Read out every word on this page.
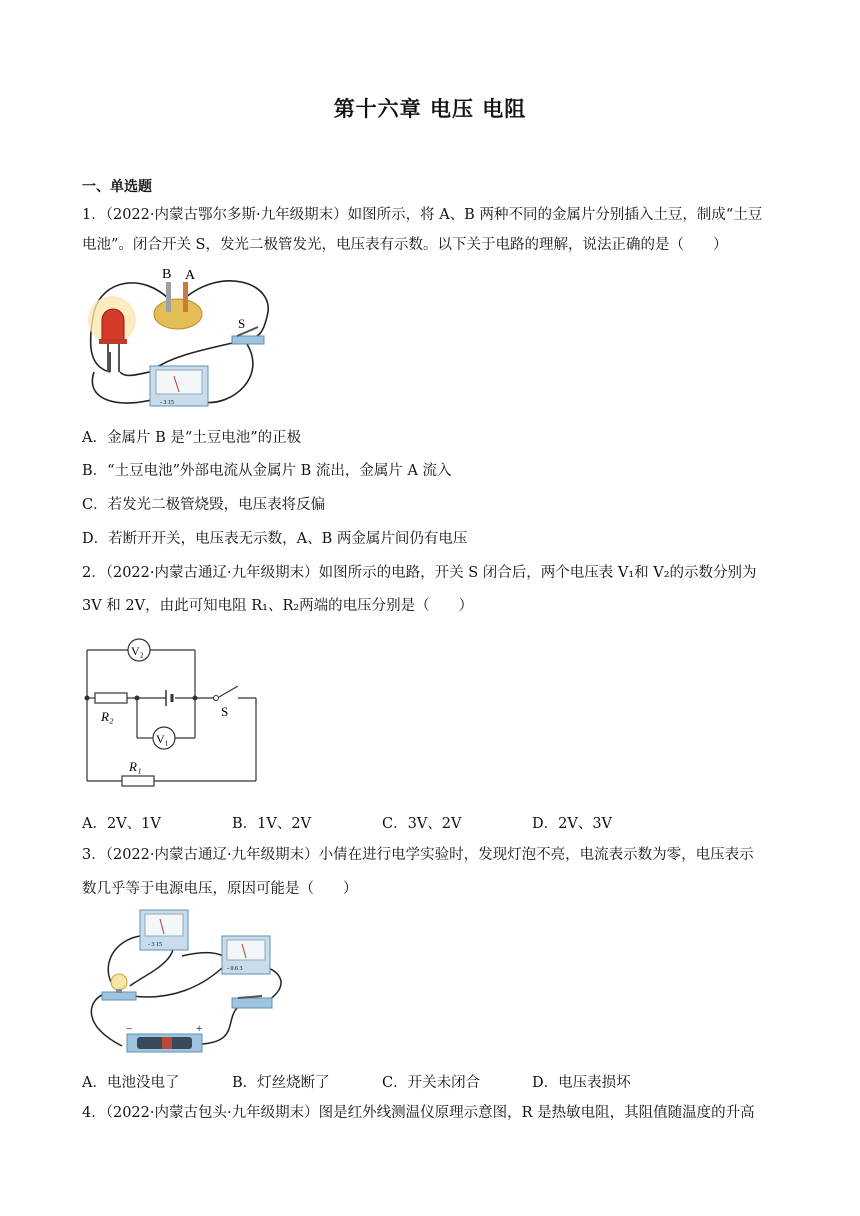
第十六章 电压 电阻
一、单选题
1．（2022·内蒙古鄂尔多斯·九年级期末）如图所示，将 A、B 两种不同的金属片分别插入土豆，制成“土豆
电池”。闭合开关 S，发光二极管发光，电压表有示数。以下关于电路的理解，说法正确的是（　　）
B A
S
- 3 15
A．金属片 B 是“土豆电池”的正极
B．“土豆电池”外部电流从金属片 B 流出，金属片 A 流入
C．若发光二极管烧毁，电压表将反偏
D．若断开开关，电压表无示数，A、B 两金属片间仍有电压
2．（2022·内蒙古通辽·九年级期末）如图所示的电路，开关 S 闭合后，两个电压表 V₁和 V₂的示数分别为
3V 和 2V，由此可知电阻 R₁、R₂两端的电压分别是（　　）
R₂
R₁
V₂
V₁
S
A．2V、1V	B．1V、2V	C．3V、2V	D．2V、3V
3．（2022·内蒙古通辽·九年级期末）小倩在进行电学实验时，发现灯泡不亮，电流表示数为零，电压表示
数几乎等于电源电压，原因可能是（　　）
- 3 15
- 0.6 3
−	+
A．电池没电了	B．灯丝烧断了	C．开关未闭合	D．电压表损坏
4．（2022·内蒙古包头·九年级期末）图是红外线测温仪原理示意图，R 是热敏电阻，其阻值随温度的升高
